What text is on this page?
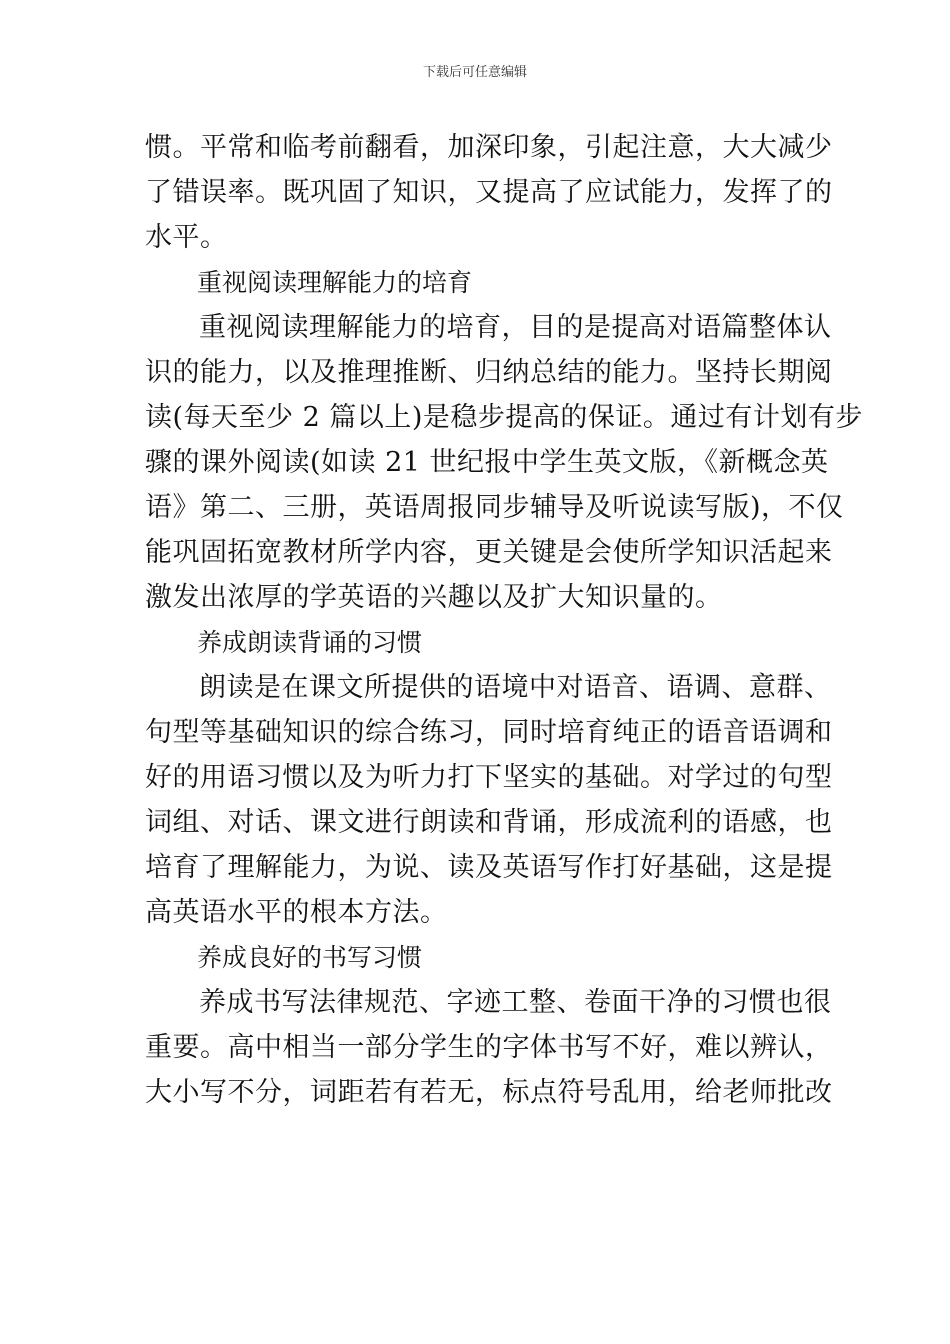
下载后可任意编辑

惯。平常和临考前翻看，加深印象，引起注意，大大减少

了错误率。既巩固了知识，又提高了应试能力，发挥了的

水平。

重视阅读理解能力的培育

重视阅读理解能力的培育，目的是提高对语篇整体认

识的能力，以及推理推断、归纳总结的能力。坚持长期阅

读(每天至少 2 篇以上)是稳步提高的保证。通过有计划有步

骤的课外阅读(如读 21 世纪报中学生英文版，《新概念英

语》第二、三册，英语周报同步辅导及听说读写版)，不仅

能巩固拓宽教材所学内容，更关键是会使所学知识活起来

激发出浓厚的学英语的兴趣以及扩大知识量的。

养成朗读背诵的习惯

朗读是在课文所提供的语境中对语音、语调、意群、

句型等基础知识的综合练习，同时培育纯正的语音语调和

好的用语习惯以及为听力打下坚实的基础。对学过的句型

词组、对话、课文进行朗读和背诵，形成流利的语感，也

培育了理解能力，为说、读及英语写作打好基础，这是提

高英语水平的根本方法。

养成良好的书写习惯

养成书写法律规范、字迹工整、卷面干净的习惯也很

重要。高中相当一部分学生的字体书写不好，难以辨认，

大小写不分，词距若有若无，标点符号乱用，给老师批改
